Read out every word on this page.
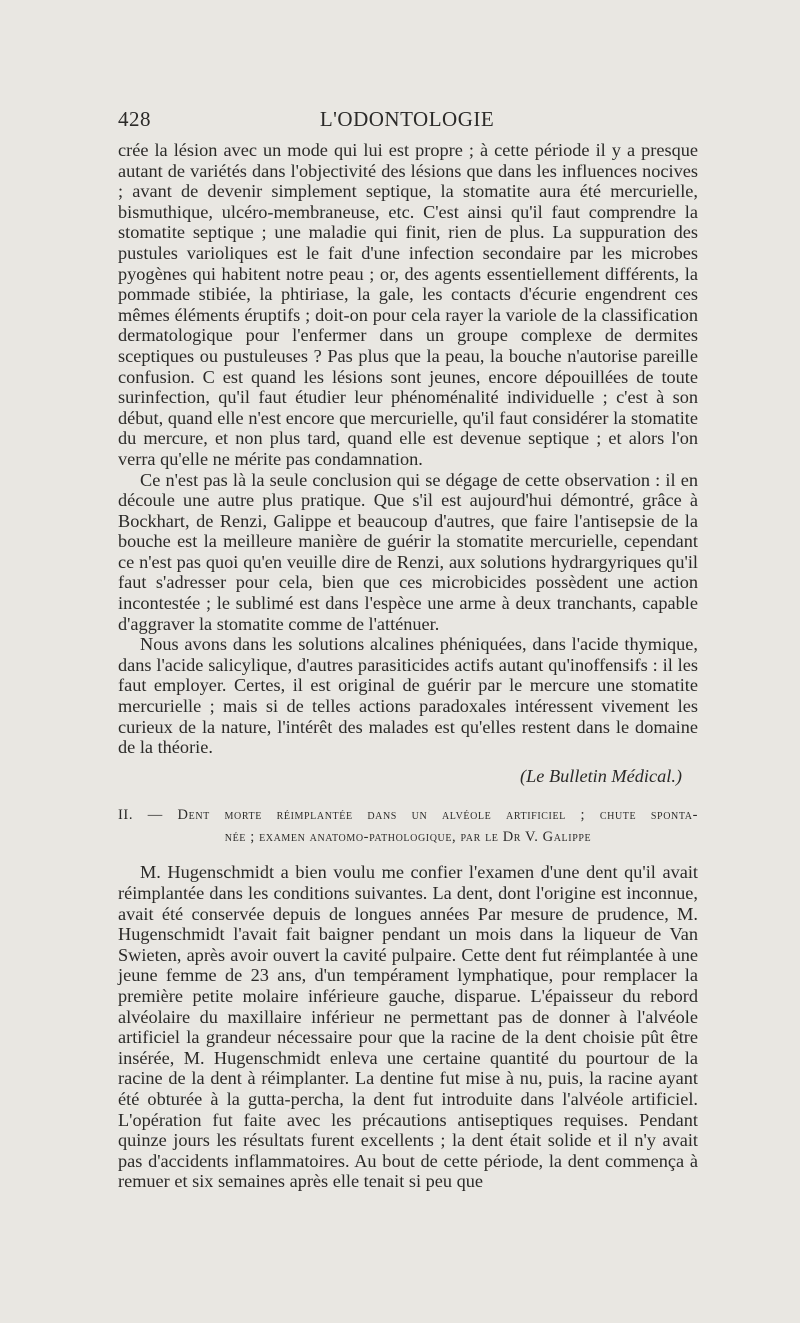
428	L'ODONTOLOGIE

crée la lésion avec un mode qui lui est propre ; à cette période il y a presque autant de variétés dans l'objectivité des lésions que dans les influences nocives ; avant de devenir simplement septique, la stomatite aura été mercurielle, bismuthique, ulcéro-membraneuse, etc. C'est ainsi qu'il faut comprendre la stomatite septique ; une maladie qui finit, rien de plus. La suppuration des pustules varioliques est le fait d'une infection secondaire par les microbes pyogènes qui habitent notre peau ; or, des agents essentiellement différents, la pommade stibiée, la phtiriase, la gale, les contacts d'écurie engendrent ces mêmes éléments éruptifs ; doit-on pour cela rayer la variole de la classification dermatologique pour l'enfermer dans un groupe complexe de dermites sceptiques ou pustuleuses ? Pas plus que la peau, la bouche n'autorise pareille confusion. C est quand les lésions sont jeunes, encore dépouillées de toute surinfection, qu'il faut étudier leur phénoménalité individuelle ; c'est à son début, quand elle n'est encore que mercurielle, qu'il faut considérer la stomatite du mercure, et non plus tard, quand elle est devenue septique ; et alors l'on verra qu'elle ne mérite pas condamnation.

Ce n'est pas là la seule conclusion qui se dégage de cette observation : il en découle une autre plus pratique. Que s'il est aujourd'hui démontré, grâce à Bockhart, de Renzi, Galippe et beaucoup d'autres, que faire l'antisepsie de la bouche est la meilleure manière de guérir la stomatite mercurielle, cependant ce n'est pas quoi qu'en veuille dire de Renzi, aux solutions hydrargyriques qu'il faut s'adresser pour cela, bien que ces microbicides possèdent une action incontestée ; le sublimé est dans l'espèce une arme à deux tranchants, capable d'aggraver la stomatite comme de l'atténuer.

Nous avons dans les solutions alcalines phéniquées, dans l'acide thymique, dans l'acide salicylique, d'autres parasiticides actifs autant qu'inoffensifs : il les faut employer. Certes, il est original de guérir par le mercure une stomatite mercurielle ; mais si de telles actions paradoxales intéressent vivement les curieux de la nature, l'intérêt des malades est qu'elles restent dans le domaine de la théorie.

(Le Bulletin Médical.)
II. — Dent morte réimplantée dans un alvéole artificiel ; chute sponta-
née ; examen anatomo-pathologique, par le Dr V. Galippe

M. Hugenschmidt a bien voulu me confier l'examen d'une dent qu'il avait réimplantée dans les conditions suivantes. La dent, dont l'origine est inconnue, avait été conservée depuis de longues années Par mesure de prudence, M. Hugenschmidt l'avait fait baigner pendant un mois dans la liqueur de Van Swieten, après avoir ouvert la cavité pulpaire. Cette dent fut réimplantée à une jeune femme de 23 ans, d'un tempérament lymphatique, pour remplacer la première petite molaire inférieure gauche, disparue. L'épaisseur du rebord alvéolaire du maxillaire inférieur ne permettant pas de donner à l'alvéole artificiel la grandeur nécessaire pour que la racine de la dent choisie pût être insérée, M. Hugenschmidt enleva une certaine quantité du pourtour de la racine de la dent à réimplanter. La dentine fut mise à nu, puis, la racine ayant été obturée à la gutta-percha, la dent fut introduite dans l'alvéole artificiel. L'opération fut faite avec les précautions antiseptiques requises. Pendant quinze jours les résultats furent excellents ; la dent était solide et il n'y avait pas d'accidents inflammatoires. Au bout de cette période, la dent commença à remuer et six semaines après elle tenait si peu que
